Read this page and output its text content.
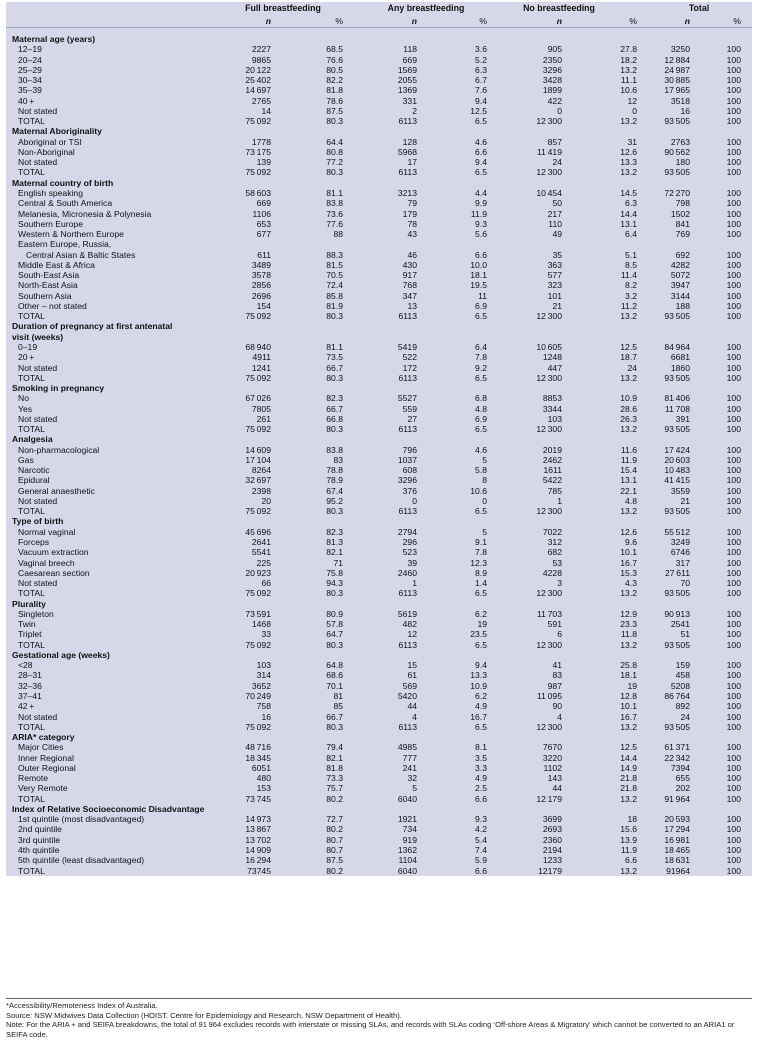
Full breastfeeding	Any breastfeeding	No breastfeeding	Total
n	%	n	%	n	%	n	%
Maternal age (years)
12–19	2227	68.5	118	3.6	905	27.8	3250	100
20–24	9865	76.6	669	5.2	2350	18.2	12 884	100
25–29	20 122	80.5	1569	6.3	3296	13.2	24 987	100
30–34	25 402	82.2	2055	6.7	3428	11.1	30 885	100
35–39	14 697	81.8	1369	7.6	1899	10.6	17 965	100
40 +	2765	78.6	331	9.4	422	12	3518	100
Not stated	14	87.5	2	12.5	0	0	16	100
TOTAL	75 092	80.3	6113	6.5	12 300	13.2	93 505	100
Maternal Aboriginality
Aboriginal or TSI	1778	64.4	128	4.6	857	31	2763	100
Non-Aboriginal	73 175	80.8	5968	6.6	11 419	12.6	90 562	100
Not stated	139	77.2	17	9.4	24	13.3	180	100
TOTAL	75 092	80.3	6113	6.5	12 300	13.2	93 505	100
Maternal country of birth
English speaking	58 603	81.1	3213	4.4	10 454	14.5	72 270	100
Central & South America	669	83.8	79	9.9	50	6.3	798	100
Melanesia, Micronesia & Polynesia	1106	73.6	179	11.9	217	14.4	1502	100
Southern Europe	653	77.6	78	9.3	110	13.1	841	100
Western & Northern Europe	677	88	43	5.6	49	6.4	769	100
Eastern Europe, Russia,
Central Asian & Baltic States	611	88.3	46	6.6	35	5.1	692	100
Middle East & Africa	3489	81.5	430	10.0	363	8.5	4282	100
South-East Asia	3578	70.5	917	18.1	577	11.4	5072	100
North-East Asia	2856	72.4	768	19.5	323	8.2	3947	100
Southern Asia	2696	85.8	347	11	101	3.2	3144	100
Other – not stated	154	81.9	13	6.9	21	11.2	188	100
TOTAL	75 092	80.3	6113	6.5	12 300	13.2	93 505	100
Duration of pregnancy at first antenatal
visit (weeks)
0–19	68 940	81.1	5419	6.4	10 605	12.5	84 964	100
20 +	4911	73.5	522	7.8	1248	18.7	6681	100
Not stated	1241	66.7	172	9.2	447	24	1860	100
TOTAL	75 092	80.3	6113	6.5	12 300	13.2	93 505	100
Smoking in pregnancy
No	67 026	82.3	5527	6.8	8853	10.9	81 406	100
Yes	7805	66.7	559	4.8	3344	28.6	11 708	100
Not stated	261	66.8	27	6.9	103	26.3	391	100
TOTAL	75 092	80.3	6113	6.5	12 300	13.2	93 505	100
Analgesia
Non-pharmacological	14 609	83.8	796	4.6	2019	11.6	17 424	100
Gas	17 104	83	1037	5	2462	11.9	20 603	100
Narcotic	8264	78.8	608	5.8	1611	15.4	10 483	100
Epidural	32 697	78.9	3296	8	5422	13.1	41 415	100
General anaesthetic	2398	67.4	376	10.6	785	22.1	3559	100
Not stated	20	95.2	0	0	1	4.8	21	100
TOTAL	75 092	80.3	6113	6.5	12 300	13.2	93 505	100
Type of birth
Normal vaginal	45 696	82.3	2794	5	7022	12.6	55 512	100
Forceps	2641	81.3	296	9.1	312	9.6	3249	100
Vacuum extraction	5541	82.1	523	7.8	682	10.1	6746	100
Vaginal breech	225	71	39	12.3	53	16.7	317	100
Caesarean section	20 923	75.8	2460	8.9	4228	15.3	27 611	100
Not stated	66	94.3	1	1.4	3	4.3	70	100
TOTAL	75 092	80.3	6113	6.5	12 300	13.2	93 505	100
Plurality
Singleton	73 591	80.9	5619	6.2	11 703	12.9	90 913	100
Twin	1468	57.8	482	19	591	23.3	2541	100
Triplet	33	64.7	12	23.5	6	11.8	51	100
TOTAL	75 092	80.3	6113	6.5	12 300	13.2	93 505	100
Gestational age (weeks)
<28	103	64.8	15	9.4	41	25.8	159	100
28–31	314	68.6	61	13.3	83	18.1	458	100
32–36	3652	70.1	569	10.9	987	19	5208	100
37–41	70 249	81	5420	6.2	11 095	12.8	86 764	100
42 +	758	85	44	4.9	90	10.1	892	100
Not stated	16	66.7	4	16.7	4	16.7	24	100
TOTAL	75 092	80.3	6113	6.5	12 300	13.2	93 505	100
ARIA* category
Major Cities	48 716	79.4	4985	8.1	7670	12.5	61 371	100
Inner Regional	18 345	82.1	777	3.5	3220	14.4	22 342	100
Outer Regional	6051	81.8	241	3.3	1102	14.9	7394	100
Remote	480	73.3	32	4.9	143	21.8	655	100
Very Remote	153	75.7	5	2.5	44	21.8	202	100
TOTAL	73 745	80.2	6040	6.6	12 179	13.2	91 964	100
Index of Relative Socioeconomic Disadvantage
1st quintile (most disadvantaged)	14 973	72.7	1921	9.3	3699	18	20 593	100
2nd quintile	13 867	80.2	734	4.2	2693	15.6	17 294	100
3rd quintile	13 702	80.7	919	5.4	2360	13.9	16 981	100
4th quintile	14 909	80.7	1362	7.4	2194	11.9	18 465	100
5th quintile (least disadvantaged)	16 294	87.5	1104	5.9	1233	6.6	18 631	100
TOTAL	73745	80.2	6040	6.6	12179	13.2	91964	100
*Accessibility/Remoteness Index of Australia.
Source: NSW Midwives Data Collection (HOIST. Centre for Epidemiology and Research, NSW Department of Health).
Note: For the ARIA + and SEIFA breakdowns, the total of 91 964 excludes records with interstate or missing SLAs, and records with SLAs coding ‘Off-shore Areas & Migratory’ which cannot be converted to an ARIA1 or SEIFA code.
